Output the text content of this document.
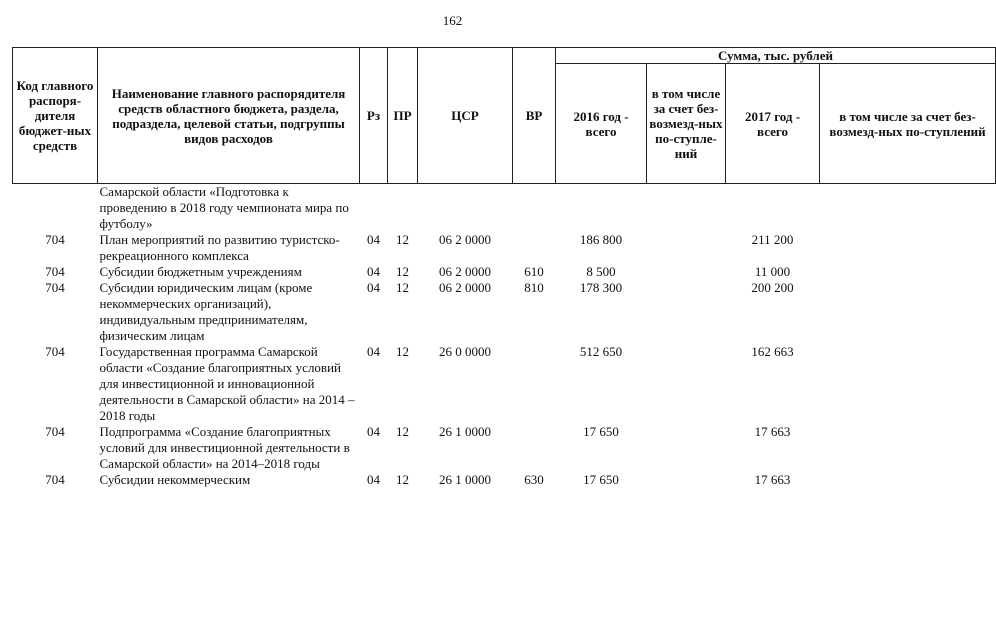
162
Код главного распоря-дителя бюджет-ных средств	Наименование главного распорядителя средств областного бюджета, раздела, подраздела, целевой статьи, подгруппы видов расходов	Рз	ПР	ЦСР	ВР	Сумма, тыс. рублей			
						2016 год - всего	в том числе за счет без-возмезд-ных по-ступле-ний	2017 год - всего	в том числе за счет без-возмезд-ных по-ступлений
	Самарской области «Подготовка к проведению в 2018 году чемпионата мира по футболу»								
704	План мероприятий по развитию туристско-рекреационного комплекса	04	12	06 2 0000		186 800		211 200	
704	Субсидии бюджетным учреждениям	04	12	06 2 0000	610	8 500		11 000	
704	Субсидии юридическим лицам (кроме некоммерческих организаций), индивидуальным предпринимателям, физическим лицам	04	12	06 2 0000	810	178 300		200 200	
704	Государственная программа Самарской области «Создание благоприятных условий для инвестиционной и инновационной деятельности в Самарской области» на 2014 – 2018 годы	04	12	26 0 0000		512 650		162 663	
704	Подпрограмма «Создание благоприятных условий для инвестиционной деятельности в Самарской области» на 2014–2018 годы	04	12	26 1 0000		17 650		17 663	
704	Субсидии некоммерческим	04	12	26 1 0000	630	17 650		17 663	
